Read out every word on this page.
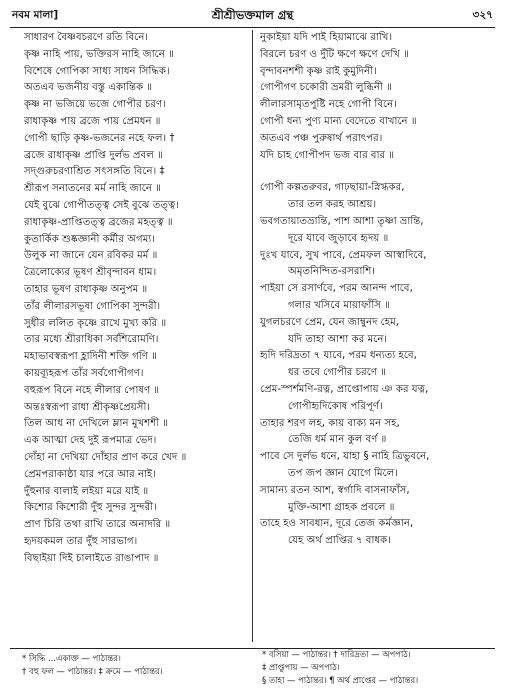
নবম মালা]	শ্রীশ্রীভক্তমাল গ্রন্থ	৩২৭
সাধারণ বৈষ্ণবচরণে রতি বিনে।
কৃষ্ণ নাহি পায়, ভক্তিরস নাহি জানে ॥
বিশেষে গোপিকা সাধ্য সাধন সিদ্ধিক।
অতএব ভজনীয় বস্তু একান্তিক ॥
কৃষ্ণ না ভজিয়ে ভজে গোপীর চরণ।
রাধাকৃষ্ণ পায় ব্রজে পায় প্রেমধন ॥
গোপী ছাড়ি কৃষ্ণ-ভজনের নহে ফল। †
ব্রজে রাধাকৃষ্ণ প্রাপ্তি দুর্লভ প্রবল ॥
সদ্গুরুচরণাশ্রিত সৎসঙ্গতি বিনে। ‡
শ্রীরূপ সনাতনের মর্ম নাহি জানে ॥
যেই বুঝে গোপীতত্ত্ব সেই বুঝে তত্ত্ব।
রাধাকৃষ্ণ-প্রাপ্তিতত্ত্ব ব্রজের মহত্ত্ব ॥
কুতার্কিক শুষ্কজ্ঞানী কর্মীর অগম্য।
উলুক না জানে যেন রবিকর মর্ম ॥
ত্রৈলোক্যের ভূষণ শ্রীবৃন্দাবন ধাম।
তাহার ভূষণ রাধাকৃষ্ণ অনুপম ॥
তাঁর লীলারসভূষা গোপিকা সুন্দরী।
সুধীর ললিত কৃষ্ণে রাখে মুখ্য করি ॥
তার মধ্যে শ্রীরাধিকা সর্বশিরোমণি।
মহাভাবস্বরূপা হ্লাদিনী শক্তি গণি ॥
কায়ব্যূহরূপ তাঁর সর্বগোপীগণ।
বহুরূপ বিনে নহে লীলার পোষণ ॥
অন্তঃস্বরূপা রাধা শ্রীকৃষ্ণপ্রেয়সী।
তিল আধ না দেখিলে ম্লান মুখশশী ॥
এক আত্মা দেহ দুই রূপমাত্র ভেদ।
দোঁহা না দেখিয়া দোঁহার প্রাণ করে খেদ ॥
প্রেমপরাকাষ্ঠা যার পরে আর নাই।
দুঁহুনার বালাই লইয়া মরে যাই ॥
কিশোর কিশোরী দুঁহু সুন্দর সুন্দরী।
প্রাণ চিরি তথা রাখি তারে অনাদরি ॥
হৃদয়কমল তার দুঁহু সারভাগ।
বিছাইয়া দিই চালাইতে রাঙাপাদ ॥
নুকাইয়া যদি পাই হিয়ামাঝে রাখি।
বিরলে চরণ ও দুঁটি ক্ষণে ক্ষণে দেখি ॥
বৃন্দাবনশশী কৃষ্ণ রাই কুমুদিনী।
গোপীগণ চকোরী ভ্রমরী লুব্ধিনী ॥
লীলারসামৃতপুষ্টি নহে গোপী বিনে।
গোপী ধন্য পুণ্য মান্য বেদেতে বাখানে ॥
অতএব পঞ্চ পুরুষার্থ পরাৎপর।
যদি চাহ গোপীপদ ভজ বার বার ॥
গোপী কল্পতরুবর, গাঢ়ছায়া-স্নিগ্ধকর,
তার তল করহ আশ্রয়।
ভবগতায়াতভ্রান্তি, পাশ আশা তৃষ্ণা ভ্রান্তি,
দূরে যাবে জুড়াবে হৃদয় ॥
দুঃখ যাবে, সুখ পাবে, প্রেমফল আস্বাদিবে,
অমৃতনিন্দিত-রসরাশি।
পাইয়া সে রসার্ণবে, পরম আনন্দ পাবে,
গলার খসিবে মায়াফাঁসি ॥
যুগলচরণে প্রেম, যেন জাম্বুনদ হেম,
যদি তাহা আশা কর মনে।
হৃদি দরিদ্রতা ৭ যাবে, পরম ধন্যত্য হবে,
ধর তবে গোপীর চরণে ॥
প্রেম-স্পর্শমণি-রত্ন, প্রাপ্তোপায় ঞ কর যত্ন,
গোপীহৃদিকোষ পরিপূর্ণ।
তাহার শরণ লহ, কায় বাক্য মন সহ,
তেজি ধর্ম মান কুল বর্ণ ॥
পাবে সে দুর্লভ ধনে, যাহা § নাহি ত্রিভুবনে,
তপ জপ জ্ঞান যোগে মিলে।
সামান্য রতন আশ, স্বর্গাদি বাসনাফাঁস,
মুক্তি-আশা গ্রাহক প্রবলে ॥
তাহে হও সাবধান, দূরে তেজ কর্মজ্ঞান,
যেহ অর্থ প্রাপ্তির ৭ বাধক।
* সিদ্ধি ...একাক্ত — পাঠান্তর।
† বহু ফল — পাঠান্তর। ‡ ক্রমে — পাঠান্তর।
* বসিয়া — পাঠান্তর। † দারিদ্রতা — অপপাঠ।
‡ প্রাপ্তুপায় — অপপাঠ।
§ তাহা — পাঠান্তর। ¶ অর্থ প্রাপ্তের — পাঠান্তর।
